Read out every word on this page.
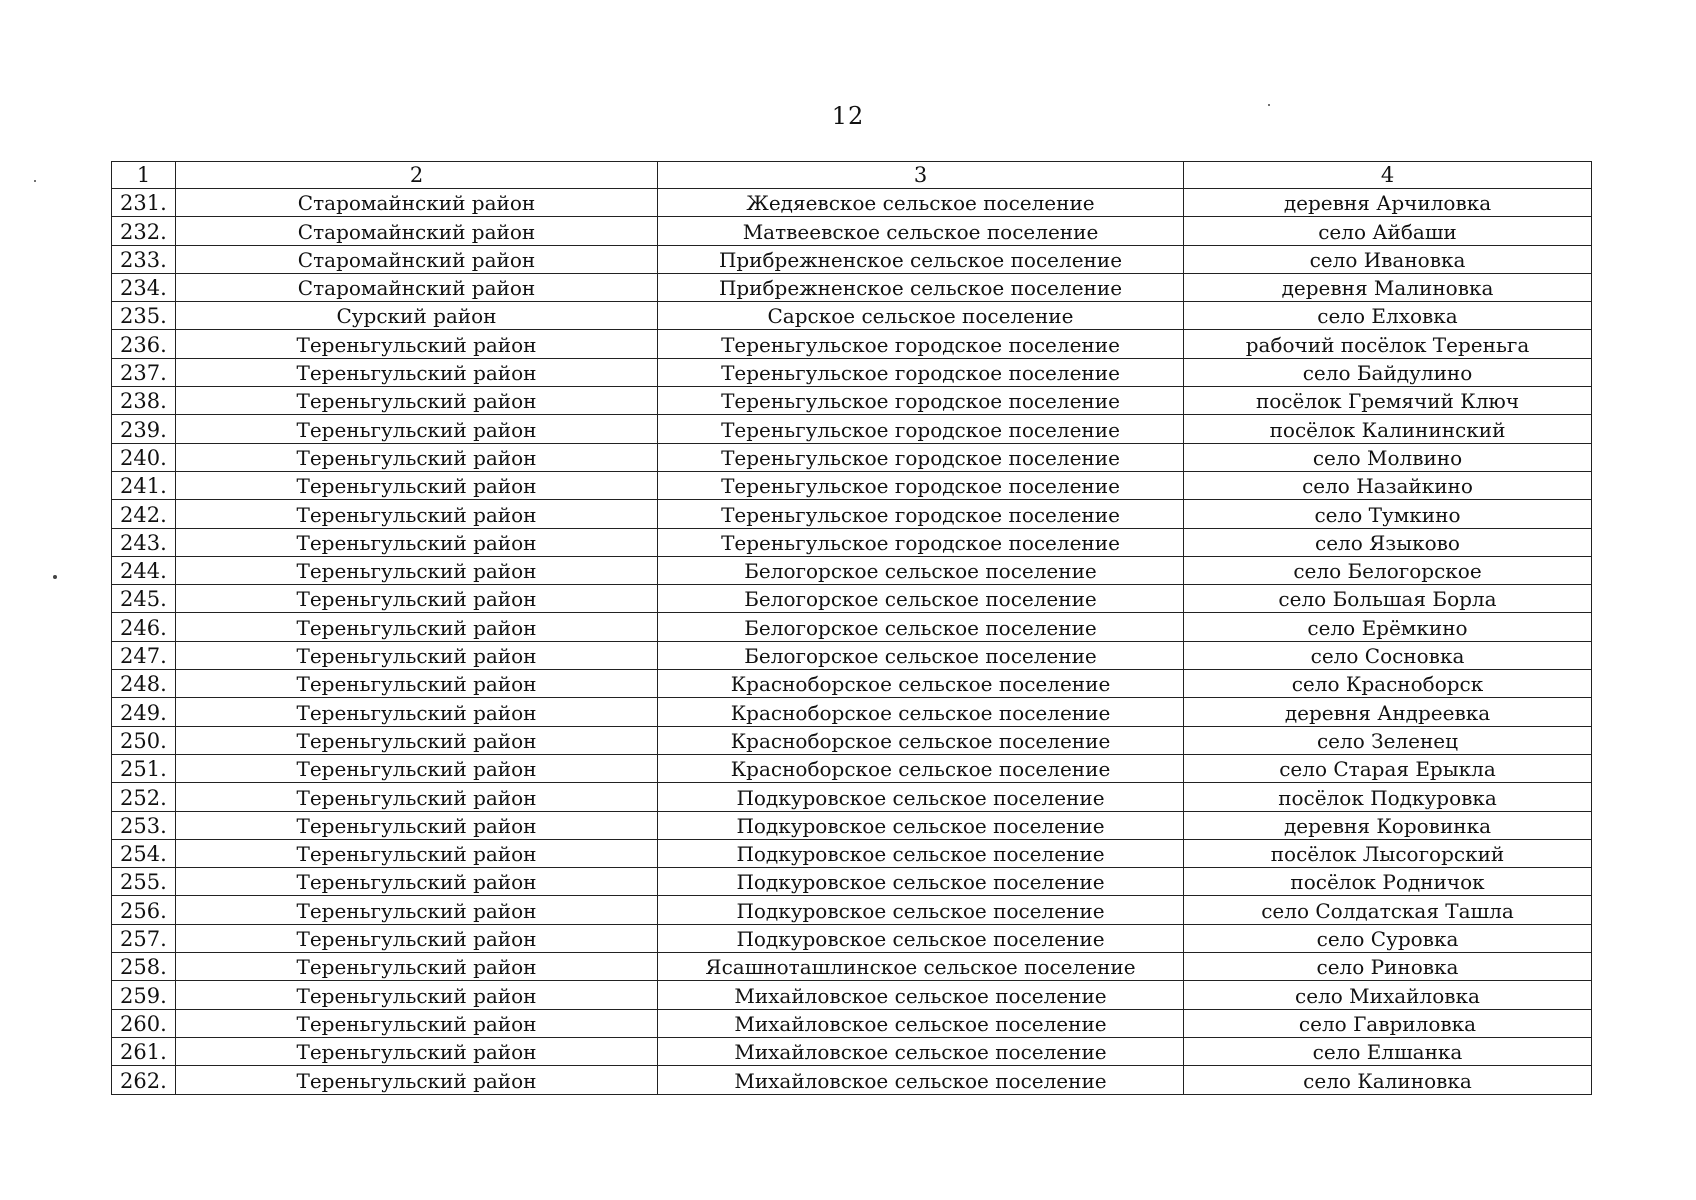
12
1	2	3	4
231.	Старомайнский район	Жедяевское сельское поселение	деревня Арчиловка
232.	Старомайнский район	Матвеевское сельское поселение	село Айбаши
233.	Старомайнский район	Прибрежненское сельское поселение	село Ивановка
234.	Старомайнский район	Прибрежненское сельское поселение	деревня Малиновка
235.	Сурский район	Сарское сельское поселение	село Елховка
236.	Тереньгульский район	Тереньгульское городское поселение	рабочий посёлок Тереньга
237.	Тереньгульский район	Тереньгульское городское поселение	село Байдулино
238.	Тереньгульский район	Тереньгульское городское поселение	посёлок Гремячий Ключ
239.	Тереньгульский район	Тереньгульское городское поселение	посёлок Калининский
240.	Тереньгульский район	Тереньгульское городское поселение	село Молвино
241.	Тереньгульский район	Тереньгульское городское поселение	село Назайкино
242.	Тереньгульский район	Тереньгульское городское поселение	село Тумкино
243.	Тереньгульский район	Тереньгульское городское поселение	село Языково
244.	Тереньгульский район	Белогорское сельское поселение	село Белогорское
245.	Тереньгульский район	Белогорское сельское поселение	село Большая Борла
246.	Тереньгульский район	Белогорское сельское поселение	село Ерёмкино
247.	Тереньгульский район	Белогорское сельское поселение	село Сосновка
248.	Тереньгульский район	Красноборское сельское поселение	село Красноборск
249.	Тереньгульский район	Красноборское сельское поселение	деревня Андреевка
250.	Тереньгульский район	Красноборское сельское поселение	село Зеленец
251.	Тереньгульский район	Красноборское сельское поселение	село Старая Ерыкла
252.	Тереньгульский район	Подкуровское сельское поселение	посёлок Подкуровка
253.	Тереньгульский район	Подкуровское сельское поселение	деревня Коровинка
254.	Тереньгульский район	Подкуровское сельское поселение	посёлок Лысогорский
255.	Тереньгульский район	Подкуровское сельское поселение	посёлок Родничок
256.	Тереньгульский район	Подкуровское сельское поселение	село Солдатская Ташла
257.	Тереньгульский район	Подкуровское сельское поселение	село Суровка
258.	Тереньгульский район	Ясашноташлинское сельское поселение	село Риновка
259.	Тереньгульский район	Михайловское сельское поселение	село Михайловка
260.	Тереньгульский район	Михайловское сельское поселение	село Гавриловка
261.	Тереньгульский район	Михайловское сельское поселение	село Елшанка
262.	Тереньгульский район	Михайловское сельское поселение	село Калиновка
